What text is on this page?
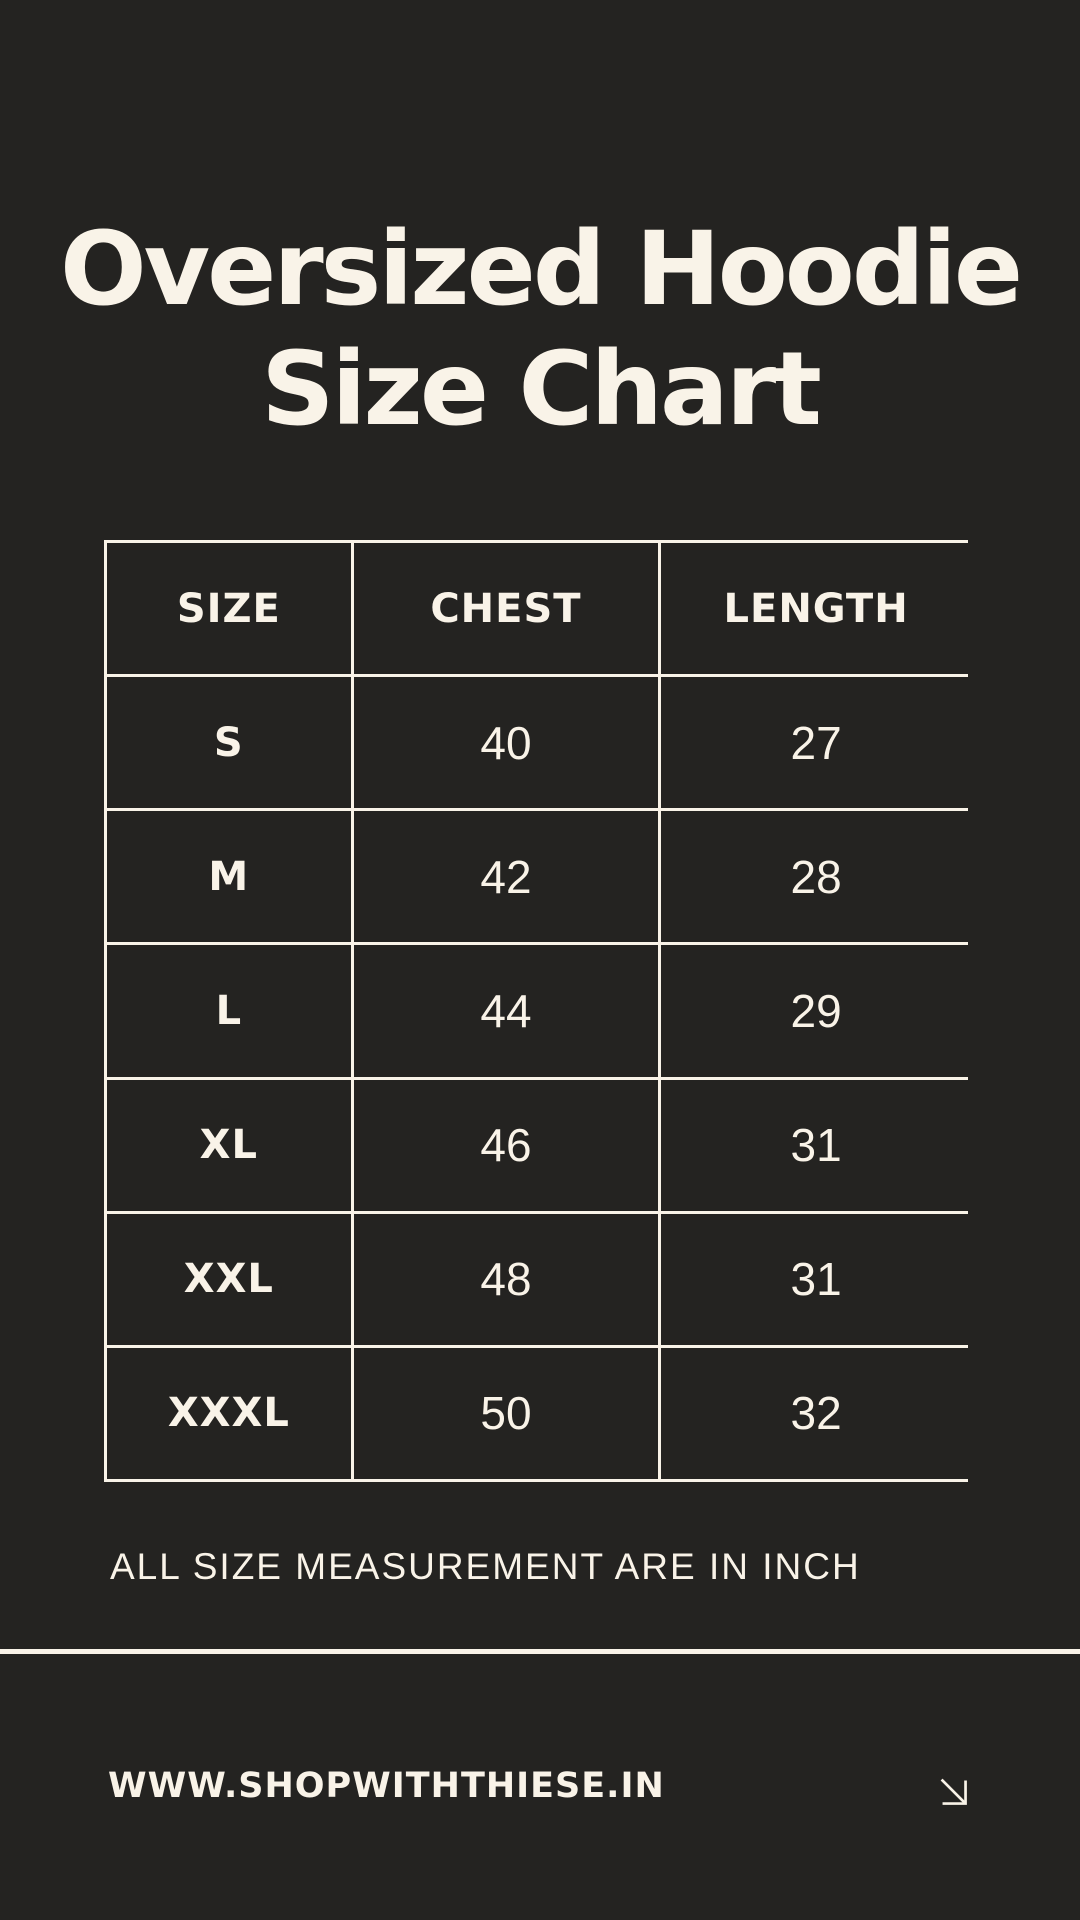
Oversized Hoodie
Size Chart
SIZE	CHEST	LENGTH
S	40	27
M	42	28
L	44	29
XL	46	31
XXL	48	31
XXXL	50	32
ALL SIZE MEASUREMENT ARE IN INCH
WWW.SHOPWITHTHIESE.IN
